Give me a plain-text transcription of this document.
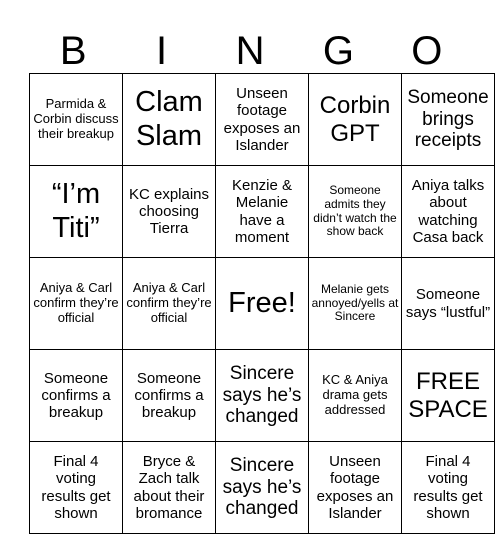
B	I	N	G	O
Parmida & Corbin discuss their breakup	Clam Slam	Unseen footage exposes an Islander	Corbin GPT	Someone brings receipts
“I’m Titi”	KC explains choosing Tierra	Kenzie & Melanie have a moment	Someone admits they didn’t watch the show back	Aniya talks about watching Casa back
Aniya & Carl confirm they’re official	Aniya & Carl confirm they’re official	Free!	Melanie gets annoyed/yells at Sincere	Someone says “lustful”
Someone confirms a breakup	Someone confirms a breakup	Sincere says he’s changed	KC & Aniya drama gets addressed	FREE SPACE
Final 4 voting results get shown	Bryce & Zach talk about their bromance	Sincere says he’s changed	Unseen footage exposes an Islander	Final 4 voting results get shown
